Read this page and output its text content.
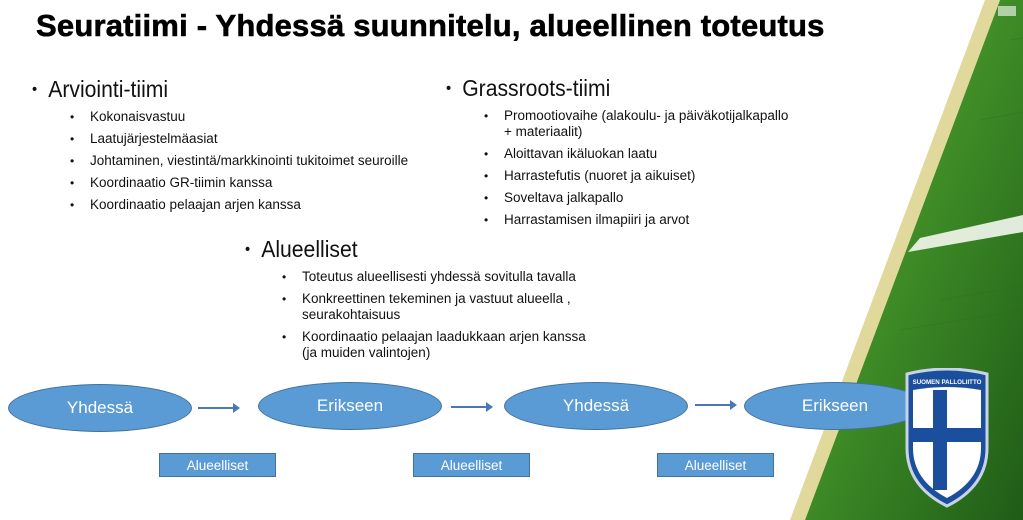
Seuratiimi - Yhdessä suunnitelu, alueellinen toteutus
• Arviointi-tiimi
• Kokonaisvastuu
• Laatujärjestelmäasiat
• Johtaminen, viestintä/markkinointi tukitoimet seuroille
• Koordinaatio GR-tiimin kanssa
• Koordinaatio pelaajan arjen kanssa
• Grassroots-tiimi
• Promootiovaihe (alakoulu- ja päiväkotijalkapallo + materiaalit)
• Aloittavan ikäluokan laatu
• Harrastefutis (nuoret ja aikuiset)
• Soveltava jalkapallo
• Harrastamisen ilmapiiri ja arvot
• Alueelliset
• Toteutus alueellisesti yhdessä sovitulla tavalla
• Konkreettinen tekeminen ja vastuut alueella , seurakohtaisuus
• Koordinaatio pelaajan laadukkaan arjen kanssa (ja muiden valintojen)
Yhdessä	Erikseen	Yhdessä	Erikseen
Alueelliset	Alueelliset	Alueelliset
SUOMEN PALLOLIITTO
